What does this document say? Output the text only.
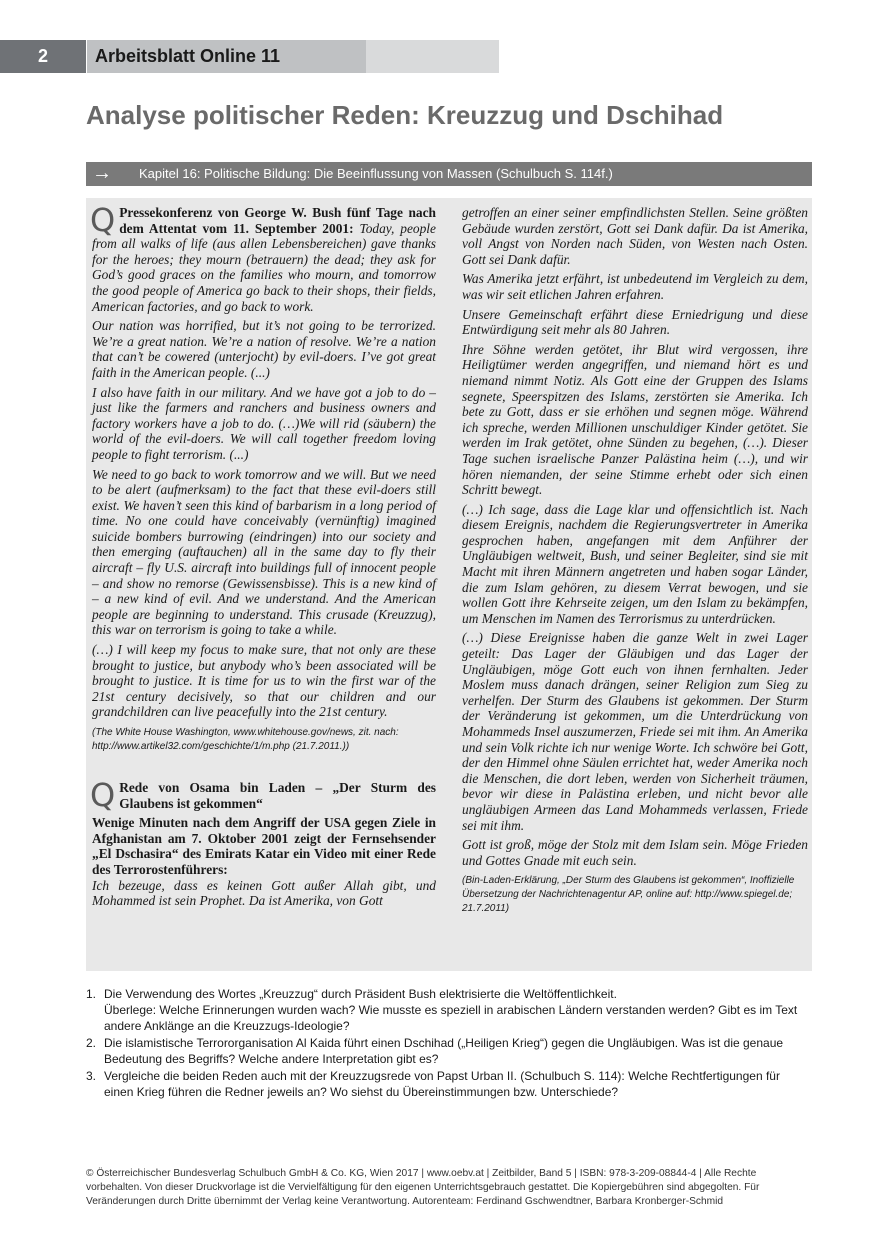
2	Arbeitsblatt Online 11
Analyse politischer Reden: Kreuzzug und Dschihad
→ Kapitel 16: Politische Bildung: Die Beeinflussung von Massen (Schulbuch S. 114f.)

Q Pressekonferenz von George W. Bush fünf Tage nach dem Attentat vom 11. September 2001: Today, people from all walks of life (aus allen Lebensbereichen) gave thanks for the heroes; they mourn (betrauern) the dead; they ask for God’s good graces on the families who mourn, and tomorrow the good people of America go back to their shops, their fields, American factories, and go back to work.

Our nation was horrified, but it’s not going to be terrorized. We’re a great nation. We’re a nation of resolve. We’re a nation that can’t be cowered (unterjocht) by evil-doers. I’ve got great faith in the American people. (...)

I also have faith in our military. And we have got a job to do – just like the farmers and ranchers and business owners and factory workers have a job to do. (…)We will rid (säubern) the world of the evil-doers. We will call together freedom loving people to fight terrorism. (...)

We need to go back to work tomorrow and we will. But we need to be alert (aufmerksam) to the fact that these evil-doers still exist. We haven’t seen this kind of barbarism in a long period of time. No one could have conceivably (vernünftig) imagined suicide bombers burrowing (eindringen) into our society and then emerging (auftauchen) all in the same day to fly their aircraft – fly U.S. aircraft into buildings full of innocent people – and show no remorse (Gewissensbisse). This is a new kind of – a new kind of evil. And we understand. And the American people are beginning to understand. This crusade (Kreuzzug), this war on terrorism is going to take a while.

(…) I will keep my focus to make sure, that not only are these brought to justice, but anybody who’s been associated will be brought to justice. It is time for us to win the first war of the 21st century decisively, so that our children and our grandchildren can live peacefully into the 21st century.

(The White House Washington, www.whitehouse.gov/news, zit. nach: http://www.artikel32.com/geschichte/1/m.php (21.7.2011.))

Q Rede von Osama bin Laden – „Der Sturm des Glaubens ist gekommen“

Wenige Minuten nach dem Angriff der USA gegen Ziele in Afghanistan am 7. Oktober 2001 zeigt der Fernsehsender „El Dschasira“ des Emirats Katar ein Video mit einer Rede des Terrorostenführers:

Ich bezeuge, dass es keinen Gott außer Allah gibt, und Mohammed ist sein Prophet. Da ist Amerika, von Gott

getroffen an einer seiner empfindlichsten Stellen. Seine größten Gebäude wurden zerstört, Gott sei Dank dafür. Da ist Amerika, voll Angst von Norden nach Süden, von Westen nach Osten. Gott sei Dank dafür.

Was Amerika jetzt erfährt, ist unbedeutend im Vergleich zu dem, was wir seit etlichen Jahren erfahren.

Unsere Gemeinschaft erfährt diese Erniedrigung und diese Entwürdigung seit mehr als 80 Jahren.

Ihre Söhne werden getötet, ihr Blut wird vergossen, ihre Heiligtümer werden angegriffen, und niemand hört es und niemand nimmt Notiz. Als Gott eine der Gruppen des Islams segnete, Speerspitzen des Islams, zerstörten sie Amerika. Ich bete zu Gott, dass er sie erhöhen und segnen möge. Während ich spreche, werden Millionen unschuldiger Kinder getötet. Sie werden im Irak getötet, ohne Sünden zu begehen, (…). Dieser Tage suchen israelische Panzer Palästina heim (…), und wir hören niemanden, der seine Stimme erhebt oder sich einen Schritt bewegt.

(…) Ich sage, dass die Lage klar und offensichtlich ist. Nach diesem Ereignis, nachdem die Regierungsvertreter in Amerika gesprochen haben, angefangen mit dem Anführer der Ungläubigen weltweit, Bush, und seiner Begleiter, sind sie mit Macht mit ihren Männern angetreten und haben sogar Länder, die zum Islam gehören, zu diesem Verrat bewogen, und sie wollen Gott ihre Kehrseite zeigen, um den Islam zu bekämpfen, um Menschen im Namen des Terrorismus zu unterdrücken.

(…) Diese Ereignisse haben die ganze Welt in zwei Lager geteilt: Das Lager der Gläubigen und das Lager der Ungläubigen, möge Gott euch von ihnen fernhalten. Jeder Moslem muss danach drängen, seiner Religion zum Sieg zu verhelfen. Der Sturm des Glaubens ist gekommen. Der Sturm der Veränderung ist gekommen, um die Unterdrückung von Mohammeds Insel auszumerzen, Friede sei mit ihm. An Amerika und sein Volk richte ich nur wenige Worte. Ich schwöre bei Gott, der den Himmel ohne Säulen errichtet hat, weder Amerika noch die Menschen, die dort leben, werden von Sicherheit träumen, bevor wir diese in Palästina erleben, und nicht bevor alle ungläubigen Armeen das Land Mohammeds verlassen, Friede sei mit ihm.

Gott ist groß, möge der Stolz mit dem Islam sein. Möge Frieden und Gottes Gnade mit euch sein.

(Bin-Laden-Erklärung, „Der Sturm des Glaubens ist gekommen“, Inoffizielle Übersetzung der Nachrichtenagentur AP, online auf: http://www.spiegel.de; 21.7.2011)

1. Die Verwendung des Wortes „Kreuzzug“ durch Präsident Bush elektrisierte die Weltöffentlichkeit.
Überlege: Welche Erinnerungen wurden wach? Wie musste es speziell in arabischen Ländern verstanden werden? Gibt es im Text andere Anklänge an die Kreuzzugs-Ideologie?
2. Die islamistische Terrororganisation Al Kaida führt einen Dschihad („Heiligen Krieg“) gegen die Ungläubigen. Was ist die genaue Bedeutung des Begriffs? Welche andere Interpretation gibt es?
3. Vergleiche die beiden Reden auch mit der Kreuzzugsrede von Papst Urban II. (Schulbuch S. 114): Welche Rechtfertigungen für einen Krieg führen die Redner jeweils an? Wo siehst du Übereinstimmungen bzw. Unterschiede?
© Österreichischer Bundesverlag Schulbuch GmbH & Co. KG, Wien 2017 | www.oebv.at | Zeitbilder, Band 5 | ISBN: 978-3-209-08844-4 | Alle Rechte vorbehalten. Von dieser Druckvorlage ist die Vervielfältigung für den eigenen Unterrichtsgebrauch gestattet. Die Kopiergebühren sind abgegolten. Für Veränderungen durch Dritte übernimmt der Verlag keine Verantwortung. Autorenteam: Ferdinand Gschwendtner, Barbara Kronberger-Schmid
